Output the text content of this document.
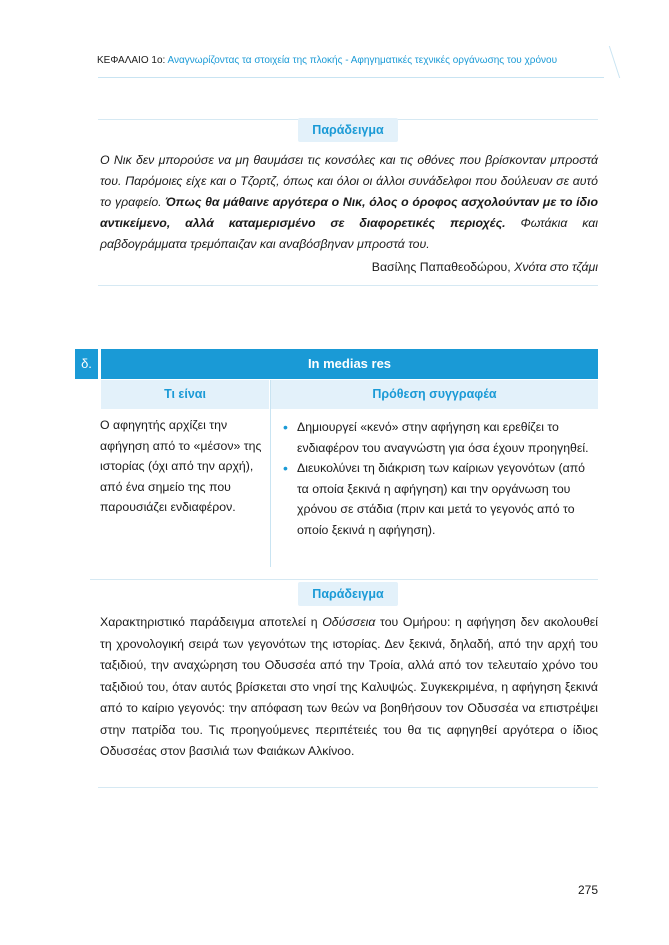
ΚΕΦΑΛΑΙΟ 1ο: Αναγνωρίζοντας τα στοιχεία της πλοκής - Αφηγηματικές τεχνικές οργάνωσης του χρόνου
Παράδειγμα
Ο Νικ δεν μπορούσε να μη θαυμάσει τις κονσόλες και τις οθόνες που βρίσκονταν μπροστά του. Παρόμοιες είχε και ο Τζορτζ, όπως και όλοι οι άλλοι συνάδελφοι που δούλευαν σε αυτό το γραφείο. Όπως θα μάθαινε αργότερα ο Νικ, όλος ο όροφος ασχολούνταν με το ίδιο αντικείμενο, αλλά καταμερισμένο σε διαφορετικές περιοχές. Φωτάκια και ραβδογράμματα τρεμόπαιζαν και αναβόσβηναν μπροστά του.
Βασίλης Παπαθεοδώρου, Χνότα στο τζάμι
δ.	In medias res
Τι είναι	Πρόθεση συγγραφέα
Ο αφηγητής αρχίζει την αφήγηση από το «μέσον» της ιστορίας (όχι από την αρχή), από ένα σημείο της που παρουσιάζει ενδιαφέρον.
• Δημιουργεί «κενό» στην αφήγηση και ερεθίζει το ενδιαφέρον του αναγνώστη για όσα έχουν προηγηθεί.
• Διευκολύνει τη διάκριση των καίριων γεγονότων (από τα οποία ξεκινά η αφήγηση) και την οργάνωση του χρόνου σε στάδια (πριν και μετά το γεγονός από το οποίο ξεκινά η αφήγηση).
Παράδειγμα
Χαρακτηριστικό παράδειγμα αποτελεί η Οδύσσεια του Ομήρου: η αφήγηση δεν ακολουθεί τη χρονολογική σειρά των γεγονότων της ιστορίας. Δεν ξεκινά, δηλαδή, από την αρχή του ταξιδιού, την αναχώρηση του Οδυσσέα από την Τροία, αλλά από τον τελευταίο χρόνο του ταξιδιού του, όταν αυτός βρίσκεται στο νησί της Καλυψώς. Συγκεκριμένα, η αφήγηση ξεκινά από το καίριο γεγονός: την απόφαση των θεών να βοηθήσουν τον Οδυσσέα να επιστρέψει στην πατρίδα του. Τις προηγούμενες περιπέτειές του θα τις αφηγηθεί αργότερα ο ίδιος Οδυσσέας στον βασιλιά των Φαιάκων Αλκίνοο.
275
